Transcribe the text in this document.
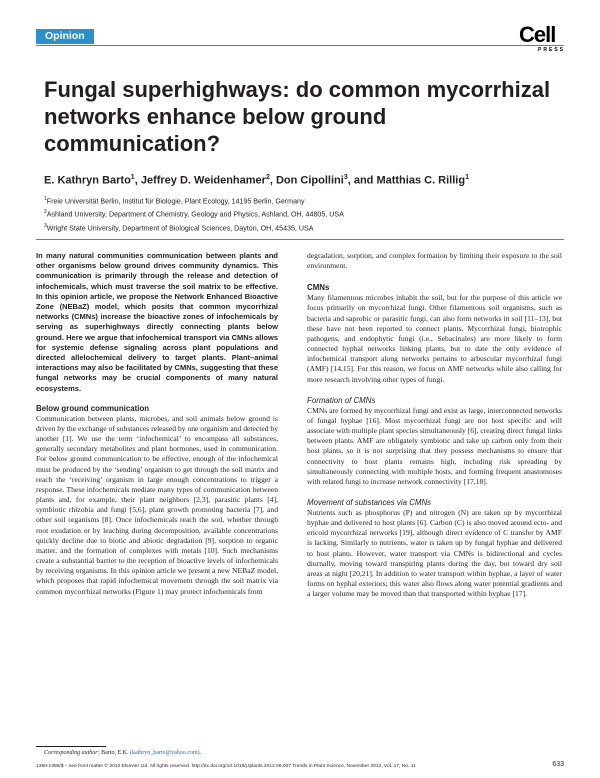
Opinion	Cell
PRESS
Fungal superhighways: do common mycorrhizal networks enhance below ground communication?
E. Kathryn Barto$^1$, Jeffrey D. Weidenhamer$^2$, Don Cipollini$^3$, and Matthias C. Rillig$^1$
$^1$Freie Universität Berlin, Institut für Biologie, Plant Ecology, 14195 Berlin, Germany
$^2$Ashland University, Department of Chemistry, Geology and Physics, Ashland, OH, 44805, USA
$^3$Wright State University, Department of Biological Sciences, Dayton, OH, 45435, USA

In many natural communities communication between plants and other organisms below ground drives community dynamics. This communication is primarily through the release and detection of infochemicals, which must traverse the soil matrix to be effective. In this opinion article, we propose the Network Enhanced Bioactive Zone (NEBaZ) model, which posits that common mycorrhizal networks (CMNs) increase the bioactive zones of infochemicals by serving as superhighways directly connecting plants below ground. Here we argue that infochemical transport via CMNs allows for systemic defense signaling across plant populations and directed allelochemical delivery to target plants. Plant–animal interactions may also be facilitated by CMNs, suggesting that these fungal networks may be crucial components of many natural ecosystems.

Below ground communication

Communication between plants, microbes, and soil animals below ground is driven by the exchange of substances released by one organism and detected by another [1]. We use the term ‘infochemical’ to encompass all substances, generally secondary metabolites and plant hormones, used in communication. For below ground communication to be effective, enough of the infochemical must be produced by the ‘sending’ organism to get through the soil matrix and reach the ‘receiving’ organism in large enough concentrations to trigger a response. These infochemicals mediate many types of communication between plants and, for example, their plant neighbors [2,3], parasitic plants [4], symbiotic rhizobia and fungi [5,6], plant growth promoting bacteria [7], and other soil organisms [8]. Once infochemicals reach the soil, whether through root exudation or by leaching during decomposition, available concentrations quickly decline due to biotic and abiotic degradation [9], sorption to organic matter, and the formation of complexes with metals [10]. Such mechanisms create a substantial barrier to the reception of bioactive levels of infochemicals by receiving organisms. In this opinion article we present a new NEBaZ model, which proposes that rapid infochemical movement through the soil matrix via common mycorrhizal networks (Figure 1) may protect infochemicals from

degradation, sorption, and complex formation by limiting their exposure to the soil environment.

CMNs

Many filamentous microbes inhabit the soil, but for the purpose of this article we focus primarily on mycorrhizal fungi. Other filamentous soil organisms, such as bacteria and saprobic or parasitic fungi, can also form networks in soil [11–13], but these have not been reported to connect plants. Mycorrhizal fungi, biotrophic pathogens, and endophytic fungi (i.e., Sebacinales) are more likely to form connected hyphal networks linking plants, but to date the only evidence of infochemical transport along networks pertains to arbuscular mycorrhizal fungi (AMF) [14,15]. For this reason, we focus on AMF networks while also calling for more research involving other types of fungi.

Formation of CMNs

CMNs are formed by mycorrhizal fungi and exist as large, interconnected networks of fungal hyphae [16]. Most mycorrhizal fungi are not host specific and will associate with multiple plant species simultaneously [6], creating direct fungal links between plants. AMF are obligately symbiotic and take up carbon only from their host plants, so it is not surprising that they possess mechanisms to ensure that connectivity to host plants remains high, including risk spreading by simultaneously connecting with multiple hosts, and forming frequent anastomoses with related fungi to increase network connectivity [17,18].

Movement of substances via CMNs

Nutrients such as phosphorus (P) and nitrogen (N) are taken up by mycorrhizal hyphae and delivered to host plants [6]. Carbon (C) is also moved around ecto- and ericoid mycorrhizal networks [19], although direct evidence of C transfer by AMF is lacking. Similarly to nutrients, water is taken up by fungal hyphae and delivered to host plants. However, water transport via CMNs is bidirectional and cycles diurnally, moving toward transpiring plants during the day, but toward dry soil areas at night [20,21]. In addition to water transport within hyphae, a layer of water forms on hyphal exteriors; this water also flows along water potential gradients and a larger volume may be moved than that transported within hyphae [17].

Corresponding author: Barto, E.K. (kathryn_barto@yahoo.com).
1360-1385/$ – see front matter © 2012 Elsevier Ltd. All rights reserved. http://dx.doi.org/10.1016/j.tplants.2012.06.007 Trends in Plant Science, November 2012, Vol. 17, No. 11	633
